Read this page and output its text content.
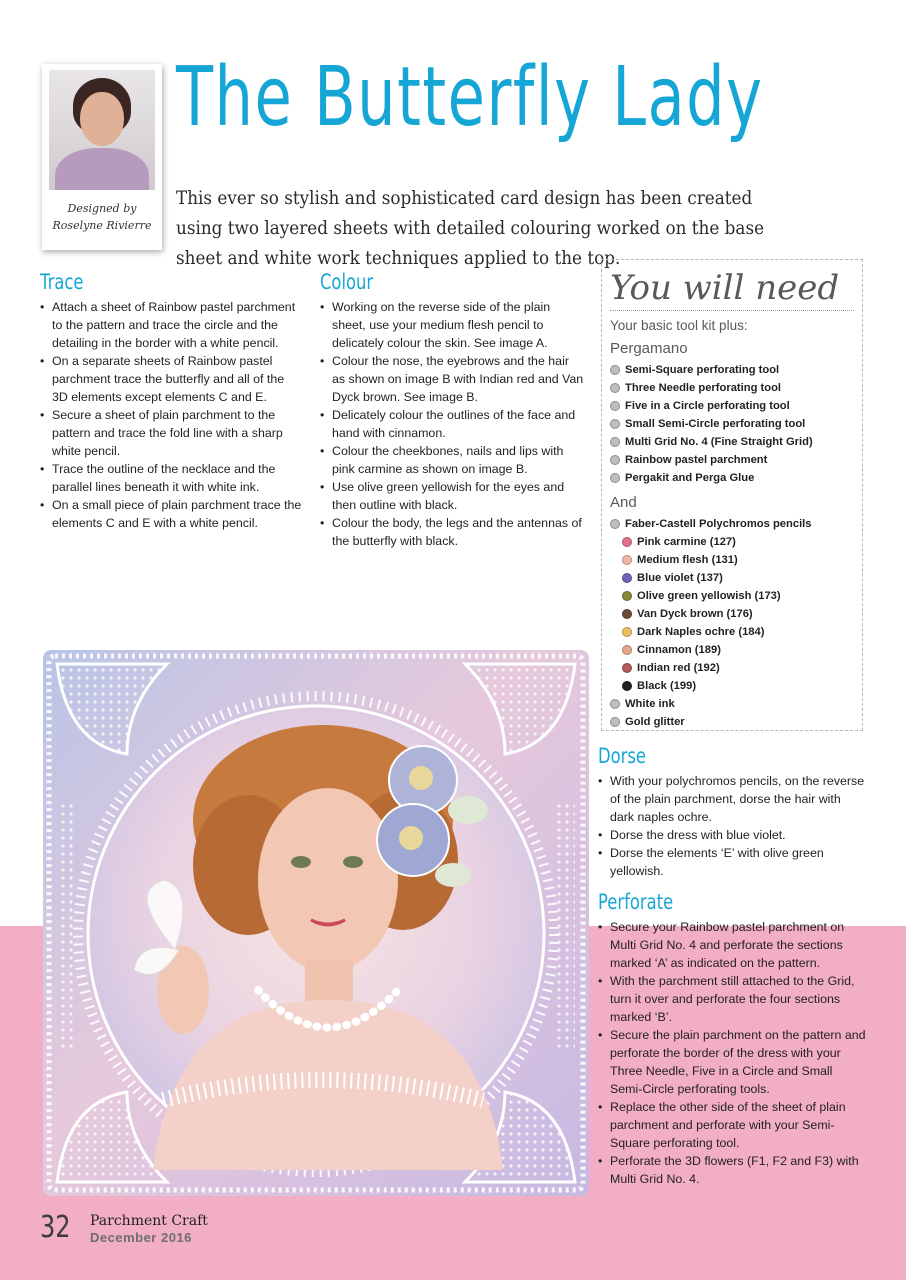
Designed by
Roselyne Rivierre
The Butterfly Lady

This ever so stylish and sophisticated card design has been created using two layered sheets with detailed colouring worked on the base sheet and white work techniques applied to the top.

Trace
• Attach a sheet of Rainbow pastel parchment to the pattern and trace the circle and the detailing in the border with a white pencil.
• On a separate sheets of Rainbow pastel parchment trace the butterfly and all of the 3D elements except elements C and E.
• Secure a sheet of plain parchment to the pattern and trace the fold line with a sharp white pencil.
• Trace the outline of the necklace and the parallel lines beneath it with white ink.
• On a small piece of plain parchment trace the elements C and E with a white pencil.
Colour
• Working on the reverse side of the plain sheet, use your medium flesh pencil to delicately colour the skin. See image A.
• Colour the nose, the eyebrows and the hair as shown on image B with Indian red and Van Dyck brown. See image B.
• Delicately colour the outlines of the face and hand with cinnamon.
• Colour the cheekbones, nails and lips with pink carmine as shown on image B.
• Use olive green yellowish for the eyes and then outline with black.
• Colour the body, the legs and the antennas of the butterfly with black.
You will need
Your basic tool kit plus:
Pergamano
Semi-Square perforating tool
Three Needle perforating tool
Five in a Circle perforating tool
Small Semi-Circle perforating tool
Multi Grid No. 4 (Fine Straight Grid)
Rainbow pastel parchment
Pergakit and Perga Glue
And
Faber-Castell Polychromos pencils
Pink carmine (127)
Medium flesh (131)
Blue violet (137)
Olive green yellowish (173)
Van Dyck brown (176)
Dark Naples ochre (184)
Cinnamon (189)
Indian red (192)
Black (199)
White ink
Gold glitter
Dorse
• With your polychromos pencils, on the reverse of the plain parchment, dorse the hair with dark naples ochre.
• Dorse the dress with blue violet.
• Dorse the elements ‘E’ with olive green yellowish.
Perforate
• Secure your Rainbow pastel parchment on Multi Grid No. 4 and perforate the sections marked ‘A’ as indicated on the pattern.
• With the parchment still attached to the Grid, turn it over and perforate the four sections marked ‘B’.
• Secure the plain parchment on the pattern and perforate the border of the dress with your Three Needle, Five in a Circle and Small Semi-Circle perforating tools.
• Replace the other side of the sheet of plain parchment and perforate with your Semi-Square perforating tool.
• Perforate the 3D flowers (F1, F2 and F3) with Multi Grid No. 4.
32 Parchment Craft
December 2016
